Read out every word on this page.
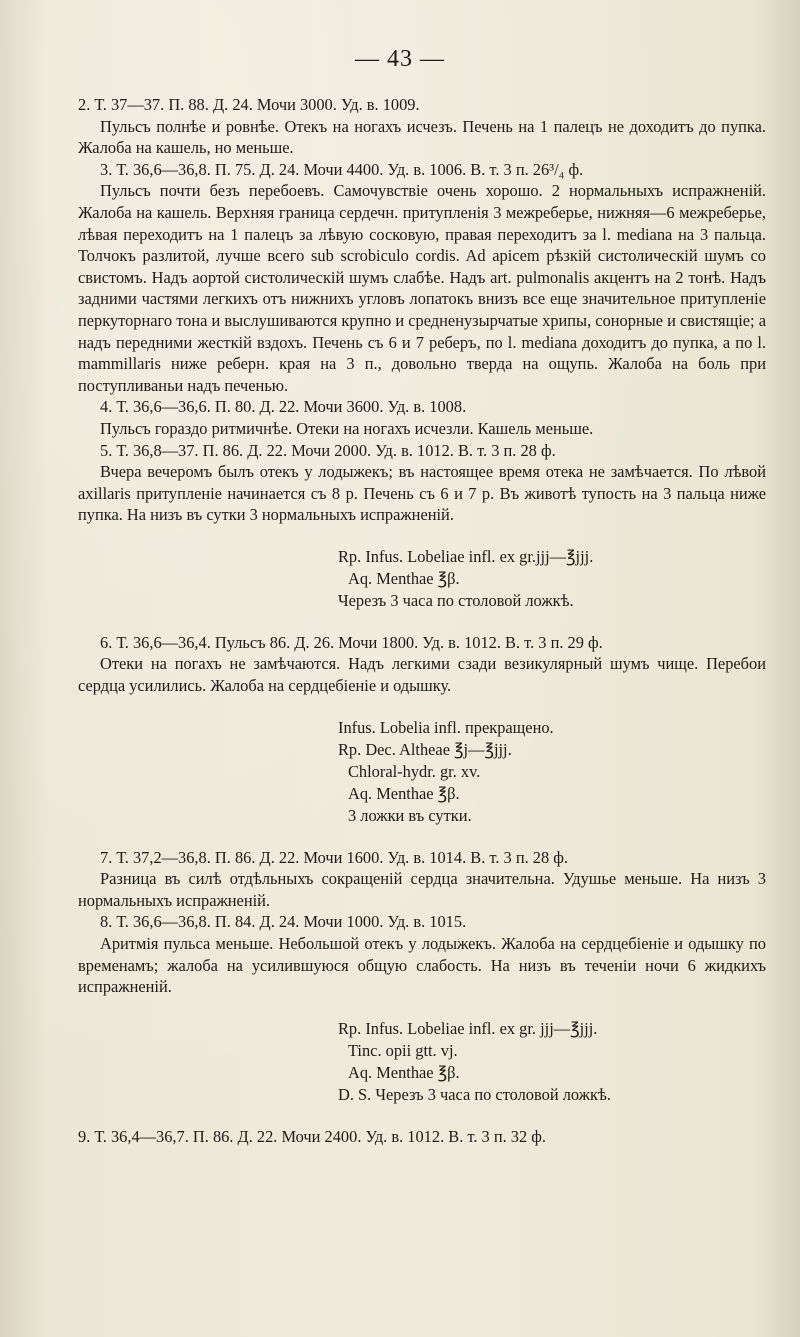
— 43 —

2. Т. 37—37. П. 88. Д. 24. Мочи 3000. Уд. в. 1009.

Пульсъ полнѣе и ровнѣе. Отекъ на ногахъ исчезъ. Печень на 1 палецъ не доходитъ до пупка. Жалоба на кашель, но меньше.

3. Т. 36,6—36,8. П. 75. Д. 24. Мочи 4400. Уд. в. 1006. В. т. 3 п. 26³/₄ ф.

Пульсъ почти безъ перебоевъ. Самочувствіе очень хорошо. 2 нормальныхъ испражненій. Жалоба на кашель. Верхняя граница сердечн. притупленія 3 межреберье, нижняя—6 межреберье, лѣвая переходитъ на 1 палецъ за лѣвую сосковую, правая переходитъ за l. medіana на 3 пальца. Толчокъ разлитой, лучше всего sub scrobіculo cordіs. Ad apіcem рѣзкій систолическій шумъ со свистомъ. Надъ аортой систолическій шумъ слабѣе. Надъ art. pulmonalіs акцентъ на 2 тонѣ. Надъ задними частями легкихъ отъ нижнихъ угловъ лопатокъ внизъ все еще значительное притупленіе перкуторнаго тона и выслушиваются крупно и средненузырчатые хрипы, сонорные и свистящіе; а надъ передними жесткій вздохъ. Печень съ 6 и 7 реберъ, по l. medіana доходитъ до пупка, а по l. mammіllarіs ниже реберн. края на 3 п., довольно тверда на ощупь. Жалоба на боль при поступливаньи надъ печенью.

4. Т. 36,6—36,6. П. 80. Д. 22. Мочи 3600. Уд. в. 1008.

Пульсъ гораздо ритмичнѣе. Отеки на ногахъ исчезли. Кашель меньше.

5. Т. 36,8—37. П. 86. Д. 22. Мочи 2000. Уд. в. 1012. В. т. 3 п. 28 ф.

Вчера вечеромъ былъ отекъ у лодыжекъ; въ настоящее время отека не замѣчается. По лѣвой axіllarіs притупленіе начинается съ 8 р. Печень съ 6 и 7 р. Въ животѣ тупость на 3 пальца ниже пупка. На низъ въ сутки 3 нормальныхъ испражненій.

Rp. Infus. Lobelіae іnfl. ex gr.jjj—℥jjj.
Aq. Menthae ℥β.
Черезъ 3 часа по столовой ложкѣ.

6. Т. 36,6—36,4. Пульсъ 86. Д. 26. Мочи 1800. Уд. в. 1012. В. т. 3 п. 29 ф.

Отеки на погахъ не замѣчаются. Надъ легкими сзади везикулярный шумъ чище. Перебои сердца усилились. Жалоба на сердцебіеніе и одышку.

Infus. Lobelіa іnfl. прекращено.
Rp. Dec. Althеae ℥j—℥jjj.
Chloral-hydr. gr. xv.
Aq. Menthae ℥β.
3 ложки въ сутки.

7. Т. 37,2—36,8. П. 86. Д. 22. Мочи 1600. Уд. в. 1014. В. т. 3 п. 28 ф.

Разница въ силѣ отдѣльныхъ сокращеній сердца значительна. Удушье меньше. На низъ 3 нормальныхъ испражненій.

8. Т. 36,6—36,8. П. 84. Д. 24. Мочи 1000. Уд. в. 1015.

Аритмія пульса меньше. Небольшой отекъ у лодыжекъ. Жалоба на сердцебіеніе и одышку по временамъ; жалоба на усилившуюся общую слабость. На низъ въ теченіи ночи 6 жидкихъ испражненій.

Rp. Infus. Lobelіae іnfl. ex gr. jjj—℥jjj.
Tinc. opіi gtt. vj.
Aq. Menthae ℥β.
D. S. Черезъ 3 часа по столовой ложкѣ.

9. Т. 36,4—36,7. П. 86. Д. 22. Мочи 2400. Уд. в. 1012. В. т. 3 п. 32 ф.
